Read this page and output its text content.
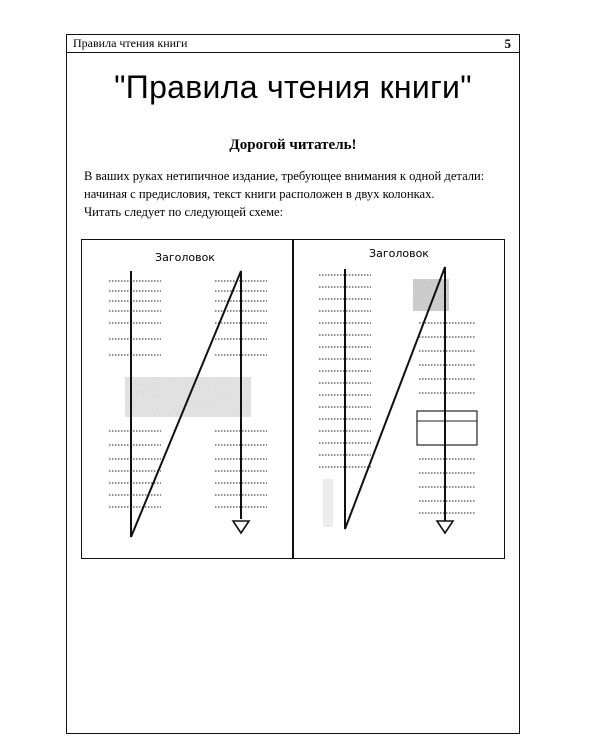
Правила чтения книги	5
"Правила чтения книги"
Дорогой читатель!
В ваших руках нетипичное издание, требующее внимания к одной детали:
начиная с предисловия, текст книги расположен в двух колонках.
Читать следует по следующей схеме:
Заголовок	Заголовок
